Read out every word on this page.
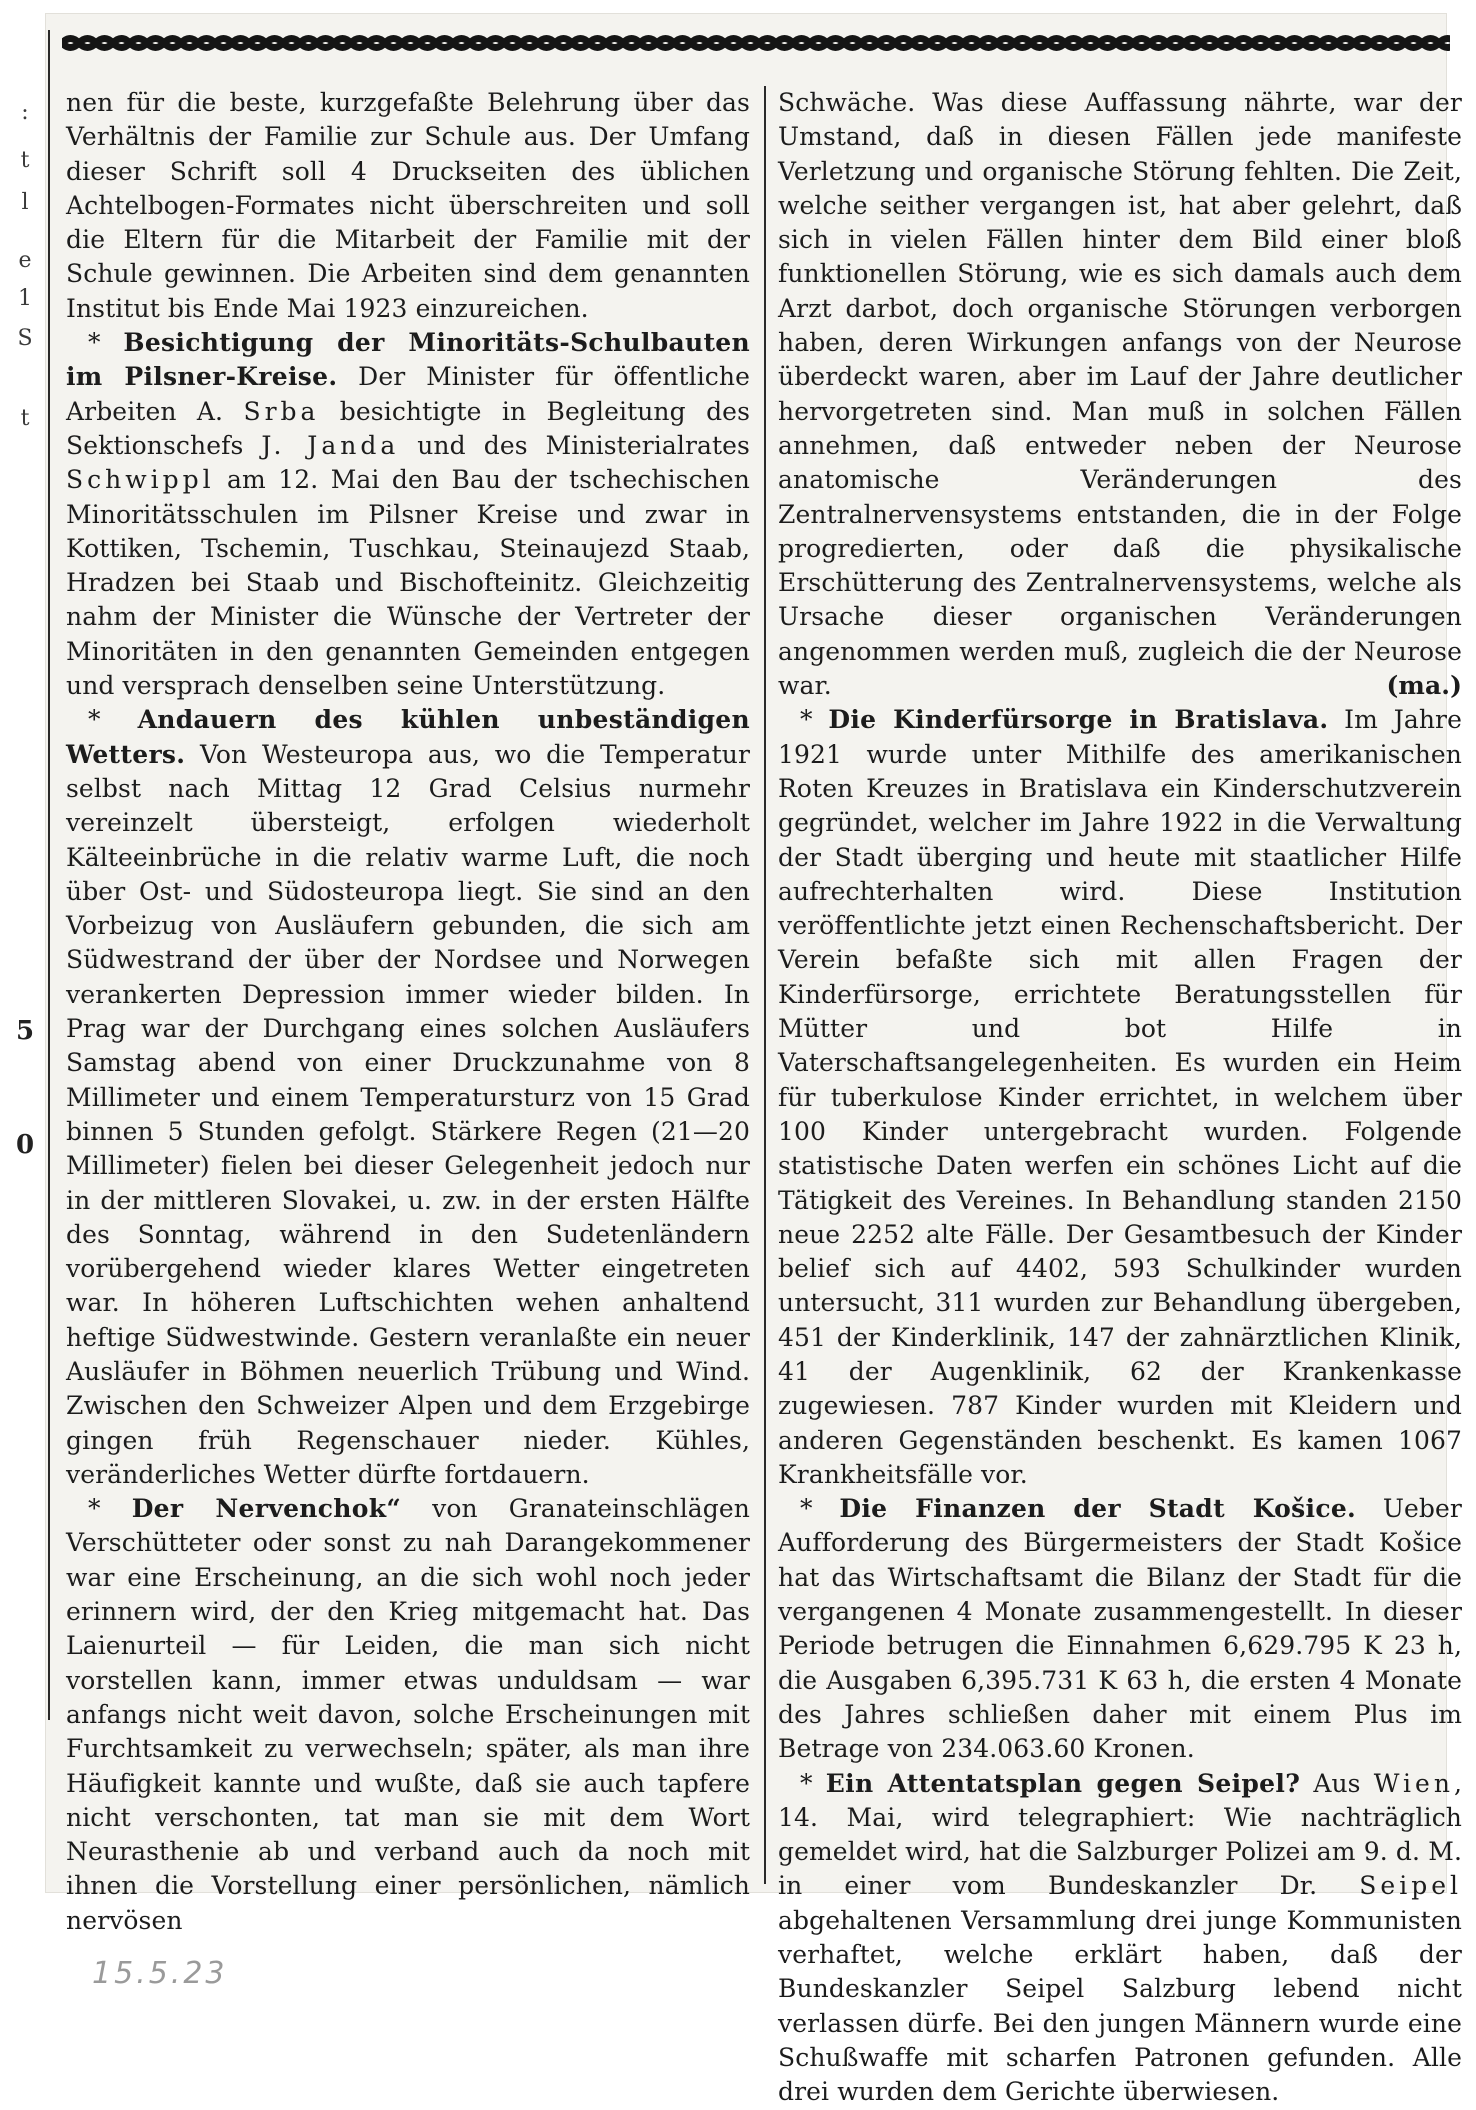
:
t
l
e
1
S
t
5
0

nen für die beste, kurzgefaßte Belehrung über das Verhältnis der Familie zur Schule aus. Der Umfang dieser Schrift soll 4 Druckseiten des üblichen Achtelbogen-Formates nicht überschreiten und soll die Eltern für die Mitarbeit der Familie mit der Schule gewinnen. Die Arbeiten sind dem genannten Institut bis Ende Mai 1923 einzureichen.

* Besichtigung der Minoritäts-Schulbauten im Pilsner-Kreise. Der Minister für öffentliche Arbeiten A. Srba besichtigte in Begleitung des Sektionschefs J. Janda und des Ministerialrates Schwippl am 12. Mai den Bau der tschechischen Minoritätsschulen im Pilsner Kreise und zwar in Kottiken, Tschemin, Tuschkau, Steinaujezd Staab, Hradzen bei Staab und Bischofteinitz. Gleichzeitig nahm der Minister die Wünsche der Vertreter der Minoritäten in den genannten Gemeinden entgegen und versprach denselben seine Unterstützung.

* Andauern des kühlen unbeständigen Wetters. Von Westeuropa aus, wo die Temperatur selbst nach Mittag 12 Grad Celsius nurmehr vereinzelt übersteigt, erfolgen wiederholt Kälteeinbrüche in die relativ warme Luft, die noch über Ost- und Südosteuropa liegt. Sie sind an den Vorbeizug von Ausläufern gebunden, die sich am Südwestrand der über der Nordsee und Norwegen verankerten Depression immer wieder bilden. In Prag war der Durchgang eines solchen Ausläufers Samstag abend von einer Druckzunahme von 8 Millimeter und einem Temperatursturz von 15 Grad binnen 5 Stunden gefolgt. Stärkere Regen (21—20 Millimeter) fielen bei dieser Gelegenheit jedoch nur in der mittleren Slovakei, u. zw. in der ersten Hälfte des Sonntag, während in den Sudetenländern vorübergehend wieder klares Wetter eingetreten war. In höheren Luftschichten wehen anhaltend heftige Südwestwinde. Gestern veranlaßte ein neuer Ausläufer in Böhmen neuerlich Trübung und Wind. Zwischen den Schweizer Alpen und dem Erzgebirge gingen früh Regenschauer nieder. Kühles, veränderliches Wetter dürfte fortdauern.

* Der Nervenchok“ von Granateinschlägen Verschütteter oder sonst zu nah Darangekommener war eine Erscheinung, an die sich wohl noch jeder erinnern wird, der den Krieg mitgemacht hat. Das Laienurteil — für Leiden, die man sich nicht vorstellen kann, immer etwas unduldsam — war anfangs nicht weit davon, solche Erscheinungen mit Furchtsamkeit zu verwechseln; später, als man ihre Häufigkeit kannte und wußte, daß sie auch tapfere nicht verschonten, tat man sie mit dem Wort Neurasthenie ab und verband auch da noch mit ihnen die Vorstellung einer persönlichen, nämlich nervösen

Schwäche. Was diese Auffassung nährte, war der Umstand, daß in diesen Fällen jede manifeste Verletzung und organische Störung fehlten. Die Zeit, welche seither vergangen ist, hat aber gelehrt, daß sich in vielen Fällen hinter dem Bild einer bloß funktionellen Störung, wie es sich damals auch dem Arzt darbot, doch organische Störungen verborgen haben, deren Wirkungen anfangs von der Neurose überdeckt waren, aber im Lauf der Jahre deutlicher hervorgetreten sind. Man muß in solchen Fällen annehmen, daß entweder neben der Neurose anatomische Veränderungen des Zentralnervensystems entstanden, die in der Folge progredierten, oder daß die physikalische Erschütterung des Zentralnervensystems, welche als Ursache dieser organischen Veränderungen angenommen werden muß, zugleich die der Neurose war.	(ma.)

* Die Kinderfürsorge in Bratislava. Im Jahre 1921 wurde unter Mithilfe des amerikanischen Roten Kreuzes in Bratislava ein Kinderschutzverein gegründet, welcher im Jahre 1922 in die Verwaltung der Stadt überging und heute mit staatlicher Hilfe aufrechterhalten wird. Diese Institution veröffentlichte jetzt einen Rechenschaftsbericht. Der Verein befaßte sich mit allen Fragen der Kinderfürsorge, errichtete Beratungsstellen für Mütter und bot Hilfe in Vaterschaftsangelegenheiten. Es wurden ein Heim für tuberkulose Kinder errichtet, in welchem über 100 Kinder untergebracht wurden. Folgende statistische Daten werfen ein schönes Licht auf die Tätigkeit des Vereines. In Behandlung standen 2150 neue 2252 alte Fälle. Der Gesamtbesuch der Kinder belief sich auf 4402, 593 Schulkinder wurden untersucht, 311 wurden zur Behandlung übergeben, 451 der Kinderklinik, 147 der zahnärztlichen Klinik, 41 der Augenklinik, 62 der Krankenkasse zugewiesen. 787 Kinder wurden mit Kleidern und anderen Gegenständen beschenkt. Es kamen 1067 Krankheitsfälle vor.

* Die Finanzen der Stadt Košice. Ueber Aufforderung des Bürgermeisters der Stadt Košice hat das Wirtschaftsamt die Bilanz der Stadt für die vergangenen 4 Monate zusammengestellt. In dieser Periode betrugen die Einnahmen 6,629.795 K 23 h, die Ausgaben 6,395.731 K 63 h, die ersten 4 Monate des Jahres schließen daher mit einem Plus im Betrage von 234.063.60 Kronen.

* Ein Attentatsplan gegen Seipel? Aus Wien, 14. Mai, wird telegraphiert: Wie nachträglich gemeldet wird, hat die Salzburger Polizei am 9. d. M. in einer vom Bundeskanzler Dr. Seipel abgehaltenen Versammlung drei junge Kommunisten verhaftet, welche erklärt haben, daß der Bundeskanzler Seipel Salzburg lebend nicht verlassen dürfe. Bei den jungen Männern wurde eine Schußwaffe mit scharfen Patronen gefunden. Alle drei wurden dem Gerichte überwiesen.

15.5.23
